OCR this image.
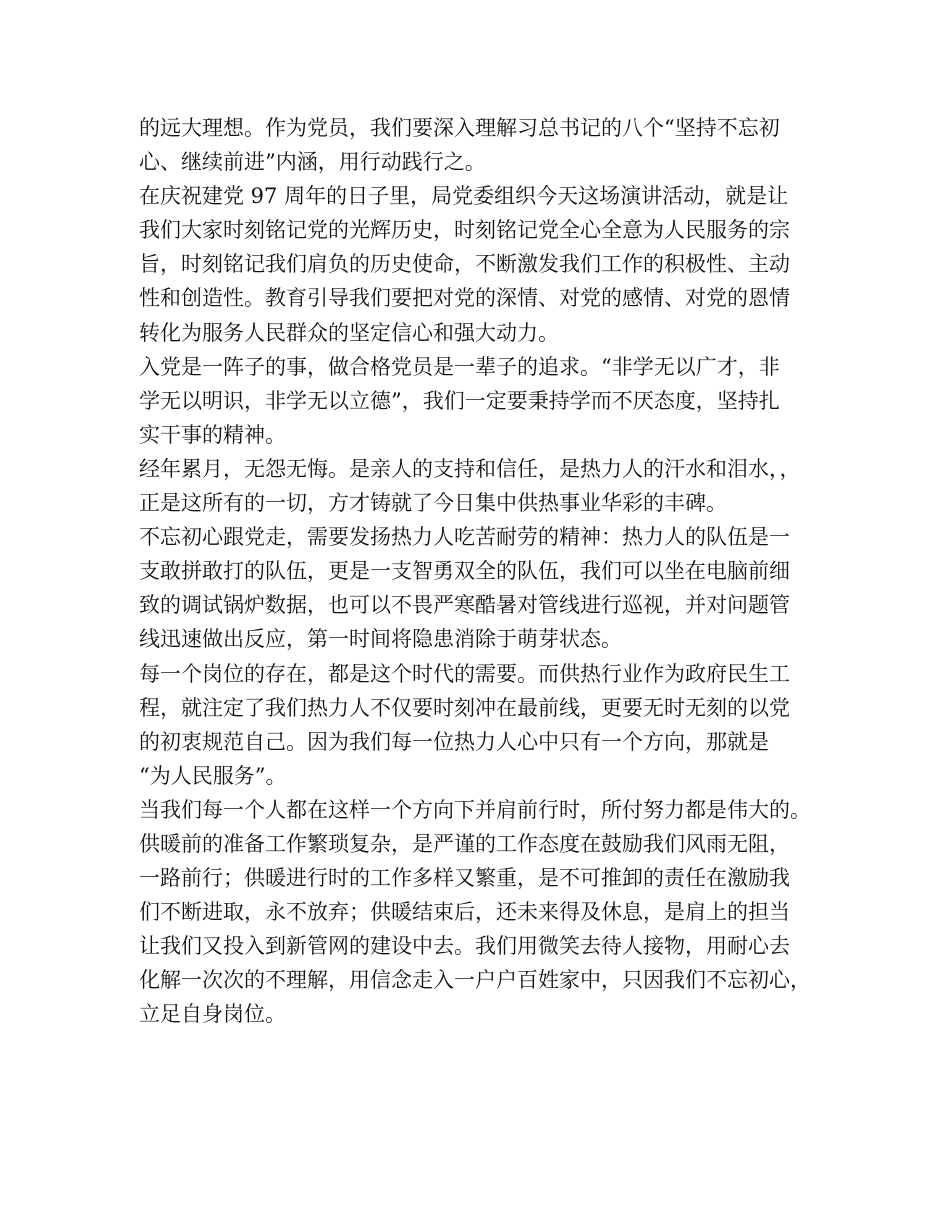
的远大理想。作为党员，我们要深入理解习总书记的八个“坚持不忘初
心、继续前进”内涵，用行动践行之。
在庆祝建党 97 周年的日子里，局党委组织今天这场演讲活动，就是让
我们大家时刻铭记党的光辉历史，时刻铭记党全心全意为人民服务的宗
旨，时刻铭记我们肩负的历史使命，不断激发我们工作的积极性、主动
性和创造性。教育引导我们要把对党的深情、对党的感情、对党的恩情
转化为服务人民群众的坚定信心和强大动力。
入党是一阵子的事，做合格党员是一辈子的追求。“非学无以广才，非
学无以明识，非学无以立德”，我们一定要秉持学而不厌态度，坚持扎
实干事的精神。
经年累月，无怨无悔。是亲人的支持和信任，是热力人的汗水和泪水，，
正是这所有的一切，方才铸就了今日集中供热事业华彩的丰碑。
不忘初心跟党走，需要发扬热力人吃苦耐劳的精神：热力人的队伍是一
支敢拼敢打的队伍，更是一支智勇双全的队伍，我们可以坐在电脑前细
致的调试锅炉数据，也可以不畏严寒酷暑对管线进行巡视，并对问题管
线迅速做出反应，第一时间将隐患消除于萌芽状态。
每一个岗位的存在，都是这个时代的需要。而供热行业作为政府民生工
程，就注定了我们热力人不仅要时刻冲在最前线，更要无时无刻的以党
的初衷规范自己。因为我们每一位热力人心中只有一个方向，那就是
“为人民服务”。
当我们每一个人都在这样一个方向下并肩前行时，所付努力都是伟大的。
供暖前的准备工作繁琐复杂，是严谨的工作态度在鼓励我们风雨无阻，
一路前行；供暖进行时的工作多样又繁重，是不可推卸的责任在激励我
们不断进取，永不放弃；供暖结束后，还未来得及休息，是肩上的担当
让我们又投入到新管网的建设中去。我们用微笑去待人接物，用耐心去
化解一次次的不理解，用信念走入一户户百姓家中，只因我们不忘初心，
立足自身岗位。
